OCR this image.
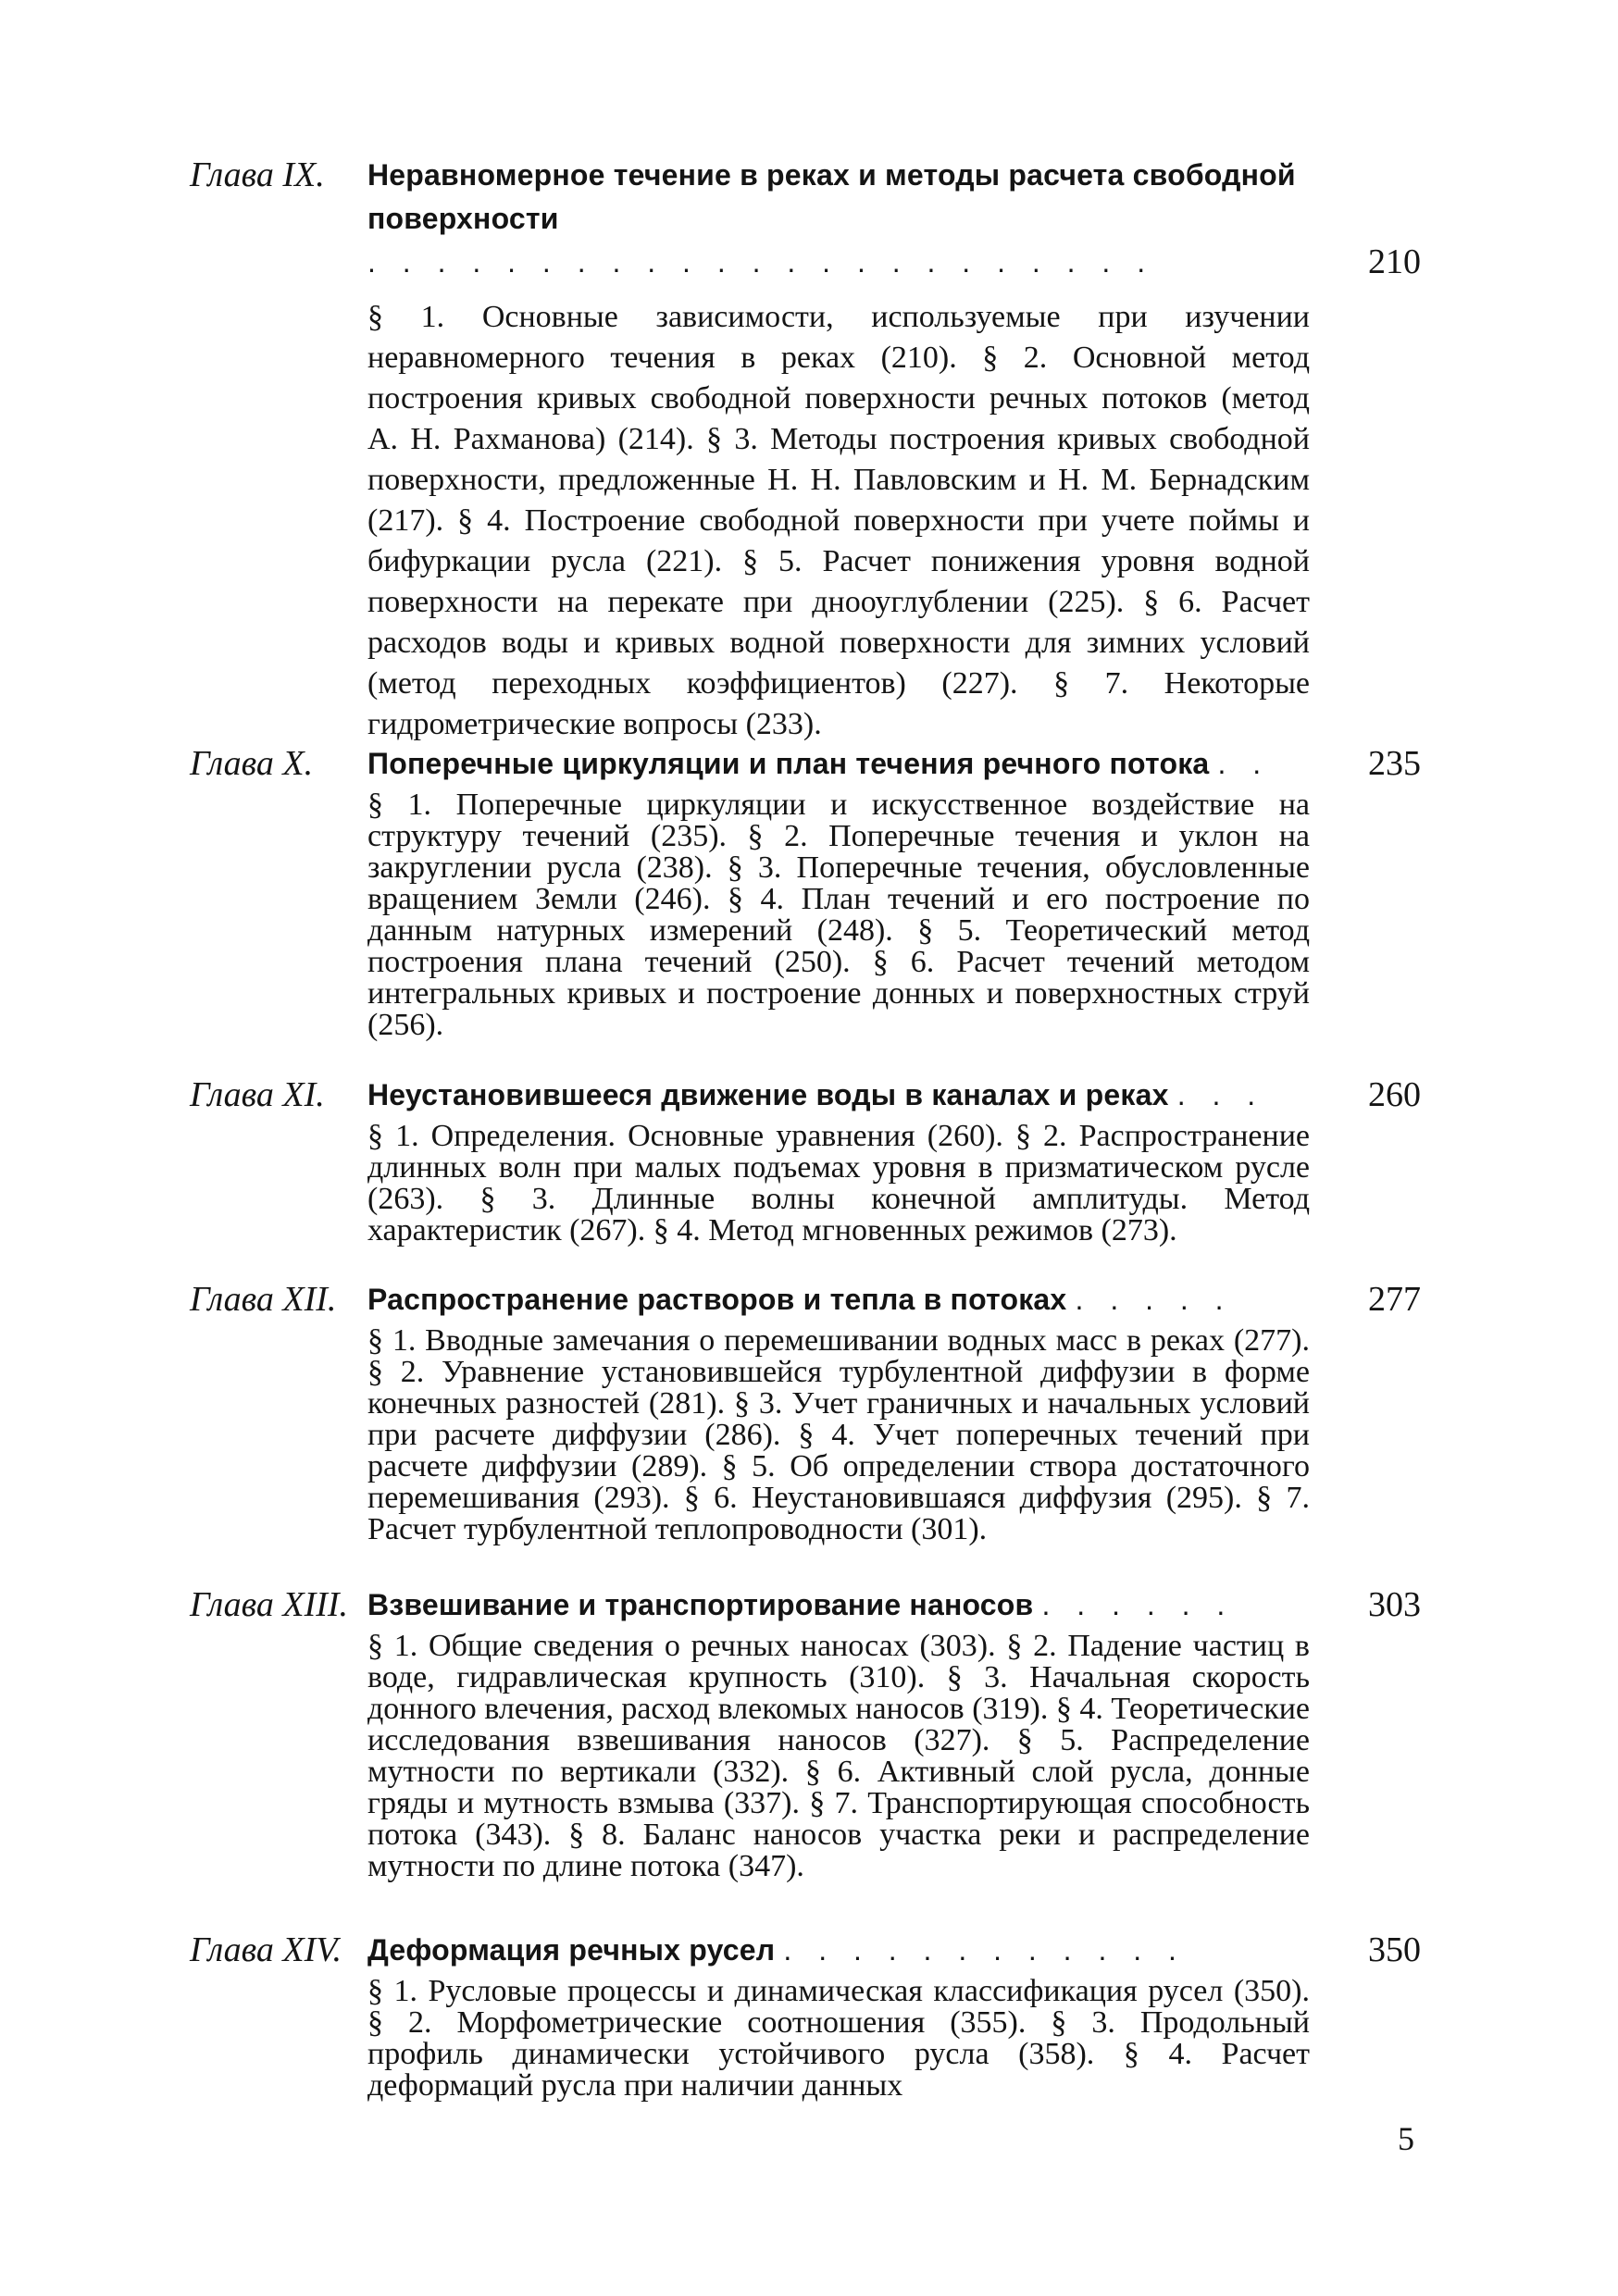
Глава IX. Неравномерное течение в реках и методы расчета свободной поверхности . . . . . . . . . . . . . . . . . . . . . . .	210

§ 1. Основные зависимости, используемые при изучении неравномерного течения в реках (210). § 2. Основной метод построения кривых свободной поверхности речных потоков (метод А. Н. Рахманова) (214). § 3. Методы построения кривых свободной поверхности, предложенные Н. Н. Павловским и Н. М. Бернадским (217). § 4. Построение свободной поверхности при учете поймы и бифуркации русла (221). § 5. Расчет понижения уровня водной поверхности на перекате при днооуглублении (225). § 6. Расчет расходов воды и кривых водной поверхности для зимних условий (метод переходных коэффициентов) (227). § 7. Некоторые гидрометрические вопросы (233).

Глава X. Поперечные циркуляции и план течения речного потока . .	235

§ 1. Поперечные циркуляции и искусственное воздействие на структуру течений (235). § 2. Поперечные течения и уклон на закруглении русла (238). § 3. Поперечные течения, обусловленные вращением Земли (246). § 4. План течений и его построение по данным натурных измерений (248). § 5. Теоретический метод построения плана течений (250). § 6. Расчет течений методом интегральных кривых и построение донных и поверхностных струй (256).

Глава XI. Неустановившееся движение воды в каналах и реках . . .	260

§ 1. Определения. Основные уравнения (260). § 2. Распространение длинных волн при малых подъемах уровня в призматическом русле (263). § 3. Длинные волны конечной амплитуды. Метод характеристик (267). § 4. Метод мгновенных режимов (273).

Глава XII. Распространение растворов и тепла в потоках . . . . .	277

§ 1. Вводные замечания о перемешивании водных масс в реках (277). § 2. Уравнение установившейся турбулентной диффузии в форме конечных разностей (281). § 3. Учет граничных и начальных условий при расчете диффузии (286). § 4. Учет поперечных течений при расчете диффузии (289). § 5. Об определении створа достаточного перемешивания (293). § 6. Неустановившаяся диффузия (295). § 7. Расчет турбулентной теплопроводности (301).

Глава XIII. Взвешивание и транспортирование наносов . . . . . .	303

§ 1. Общие сведения о речных наносах (303). § 2. Падение частиц в воде, гидравлическая крупность (310). § 3. Начальная скорость донного влечения, расход влекомых наносов (319). § 4. Теоретические исследования взвешивания наносов (327). § 5. Распределение мутности по вертикали (332). § 6. Активный слой русла, донные гряды и мутность взмыва (337). § 7. Транспортирующая способность потока (343). § 8. Баланс наносов участка реки и распределение мутности по длине потока (347).

Глава XIV. Деформация речных русел . . . . . . . . . . . .	350

§ 1. Русловые процессы и динамическая классификация русел (350). § 2. Морфометрические соотношения (355). § 3. Продольный профиль динамически устойчивого русла (358). § 4. Расчет деформаций русла при наличии данных

5
